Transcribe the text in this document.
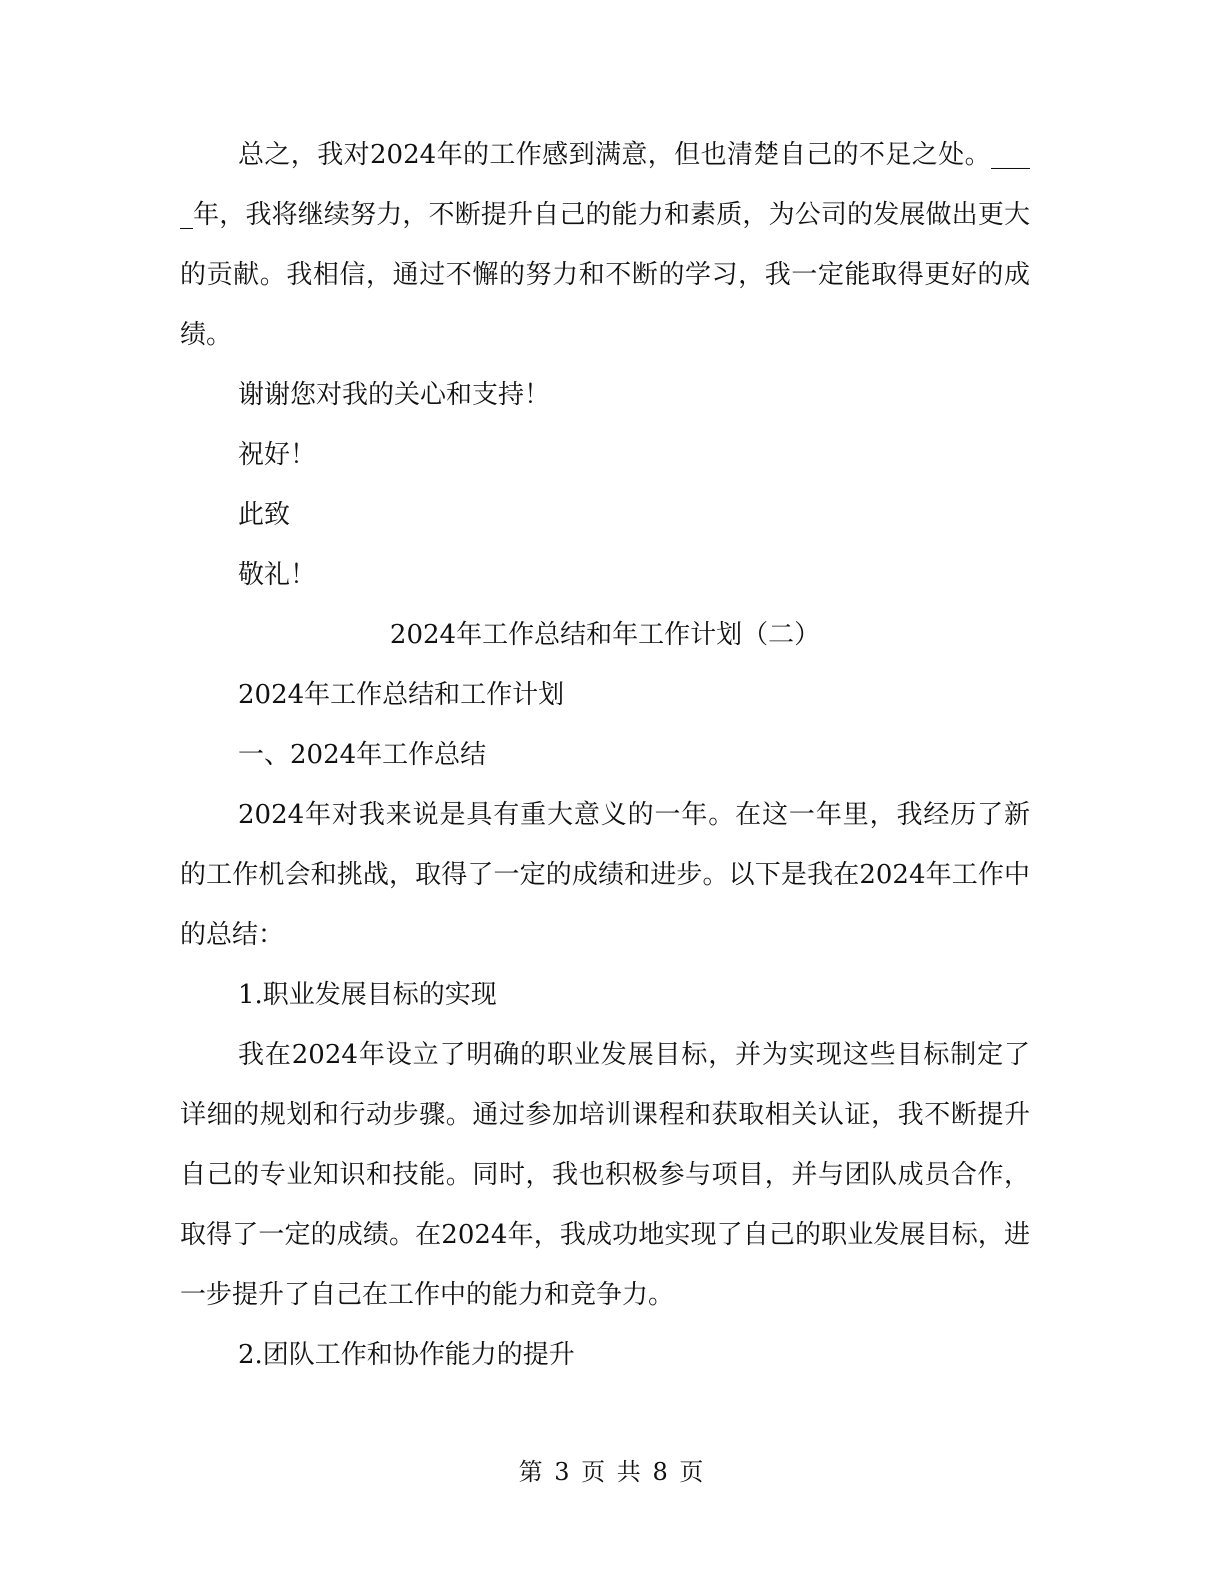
总之，我对2024年的工作感到满意，但也清楚自己的不足之处。____年，我将继续努力，不断提升自己的能力和素质，为公司的发展做出更大的贡献。我相信，通过不懈的努力和不断的学习，我一定能取得更好的成绩。

谢谢您对我的关心和支持！

祝好！

此致

敬礼！

2024年工作总结和年工作计划（二）

2024年工作总结和工作计划

一、2024年工作总结

2024年对我来说是具有重大意义的一年。在这一年里，我经历了新的工作机会和挑战，取得了一定的成绩和进步。以下是我在2024年工作中的总结：

1.职业发展目标的实现

我在2024年设立了明确的职业发展目标，并为实现这些目标制定了详细的规划和行动步骤。通过参加培训课程和获取相关认证，我不断提升自己的专业知识和技能。同时，我也积极参与项目，并与团队成员合作，取得了一定的成绩。在2024年，我成功地实现了自己的职业发展目标，进一步提升了自己在工作中的能力和竞争力。

2.团队工作和协作能力的提升

第 3 页 共 8 页
